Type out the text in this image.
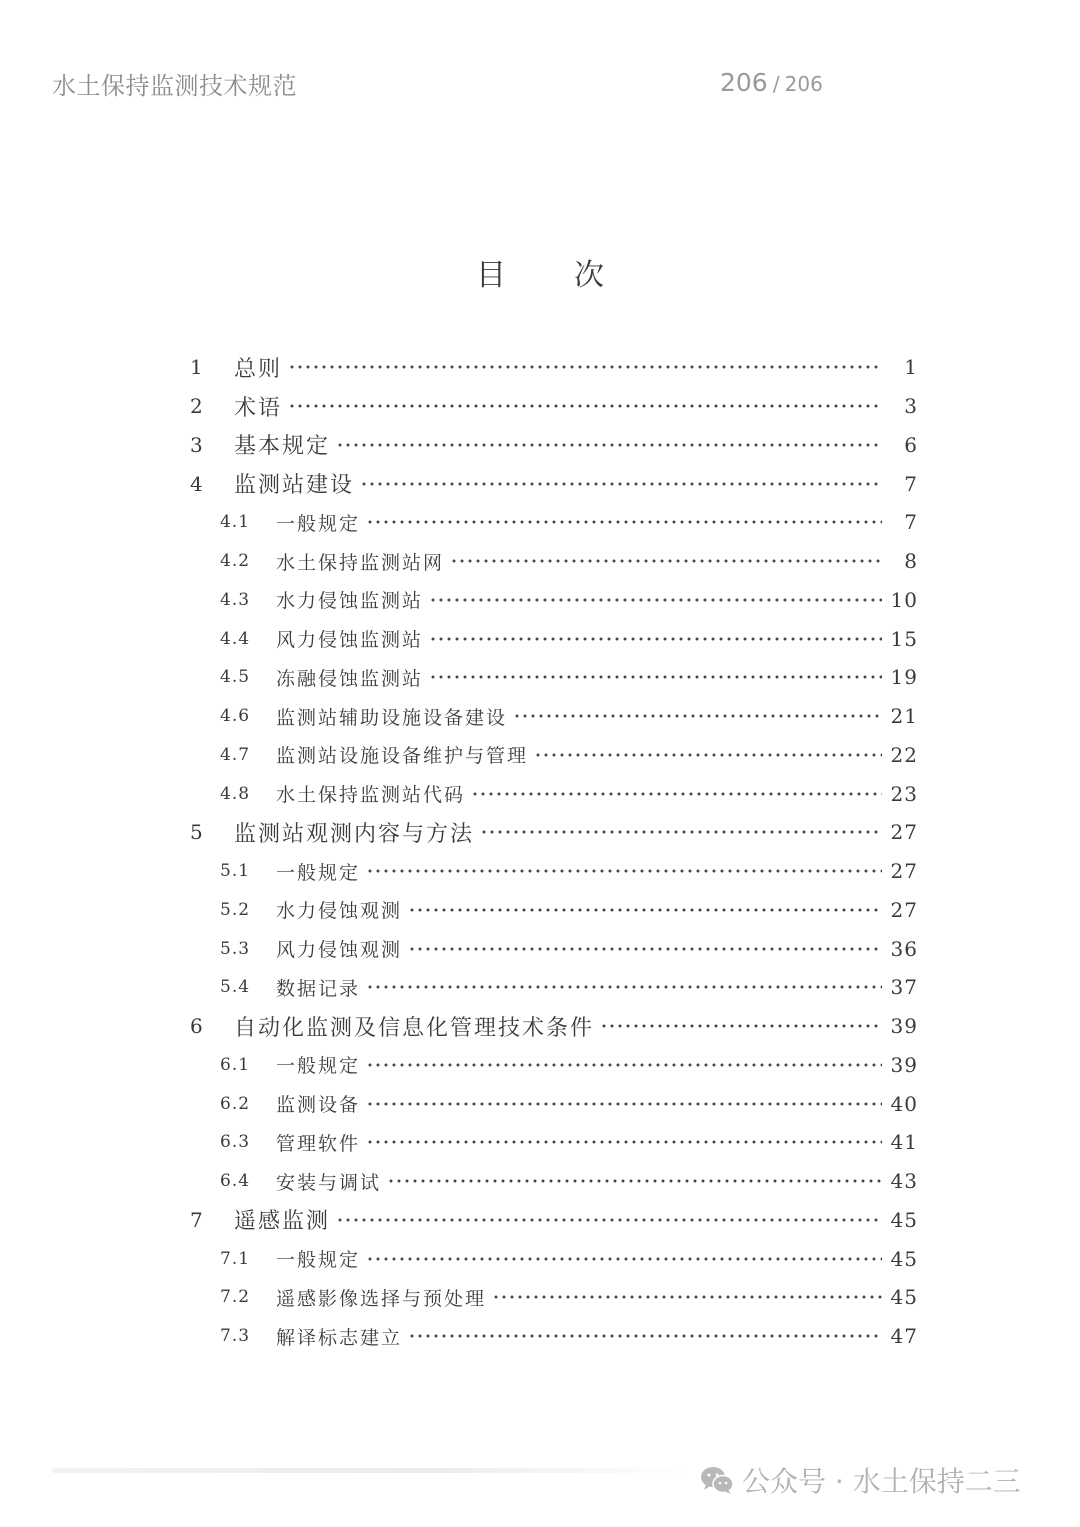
水土保持监测技术规范	206 / 206
目 次
1	总则	1
2	术语	3
3	基本规定	6
4	监测站建设	7
4.1	一般规定	7
4.2	水土保持监测站网	8
4.3	水力侵蚀监测站	10
4.4	风力侵蚀监测站	15
4.5	冻融侵蚀监测站	19
4.6	监测站辅助设施设备建设	21
4.7	监测站设施设备维护与管理	22
4.8	水土保持监测站代码	23
5	监测站观测内容与方法	27
5.1	一般规定	27
5.2	水力侵蚀观测	27
5.3	风力侵蚀观测	36
5.4	数据记录	37
6	自动化监测及信息化管理技术条件	39
6.1	一般规定	39
6.2	监测设备	40
6.3	管理软件	41
6.4	安装与调试	43
7	遥感监测	45
7.1	一般规定	45
7.2	遥感影像选择与预处理	45
7.3	解译标志建立	47
公众号 · 水土保持二三
